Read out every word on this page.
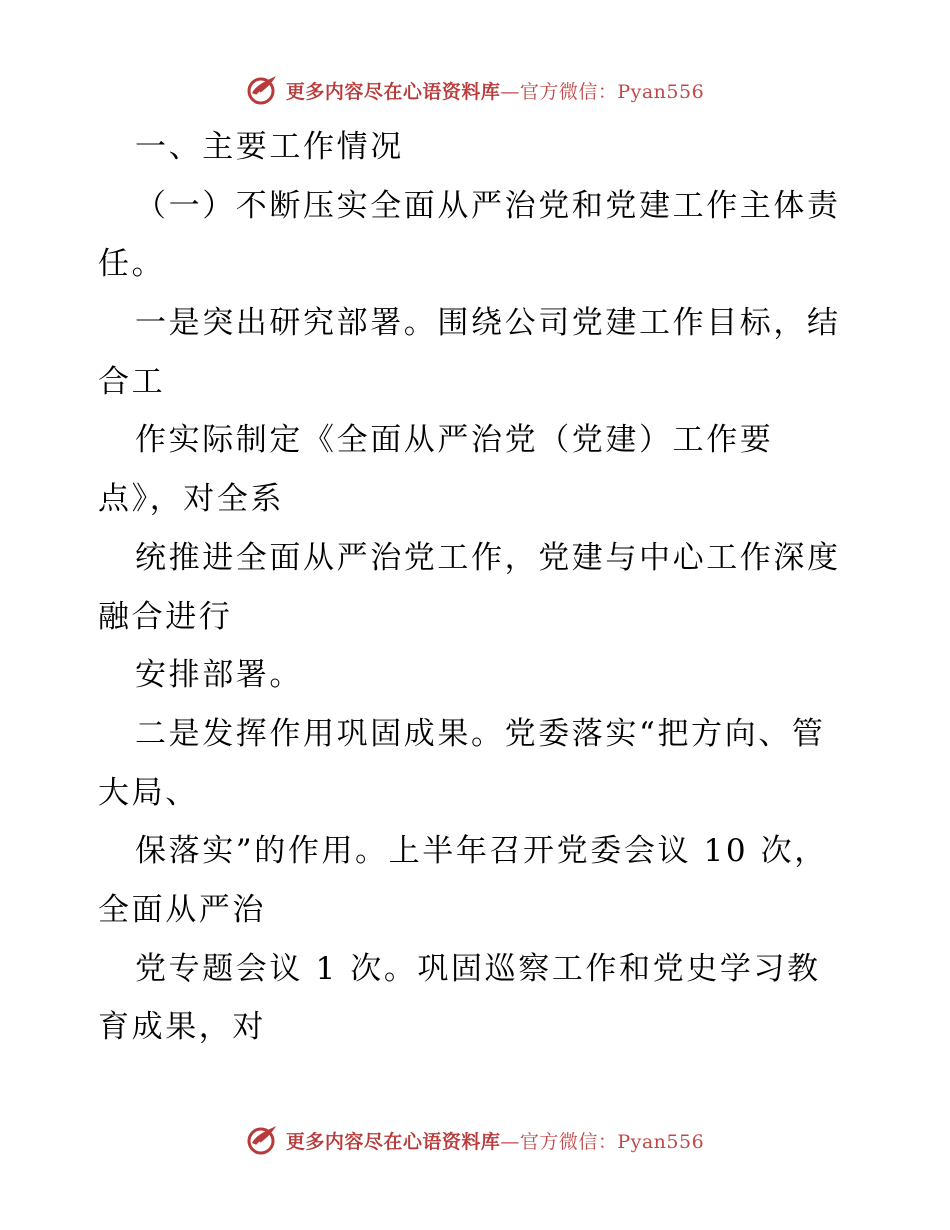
更多内容尽在心语资料库—官方微信：Pyan556
一、主要工作情况
（一）不断压实全面从严治党和党建工作主体责
任。
一是突出研究部署。围绕公司党建工作目标，结
合工
作实际制定《全面从严治党（党建）工作要
点》，对全系
统推进全面从严治党工作，党建与中心工作深度
融合进行
安排部署。
二是发挥作用巩固成果。党委落实“把方向、管
大局、
保落实”的作用。上半年召开党委会议 10 次，
全面从严治
党专题会议 1 次。巩固巡察工作和党史学习教
育成果，对
更多内容尽在心语资料库—官方微信：Pyan556
